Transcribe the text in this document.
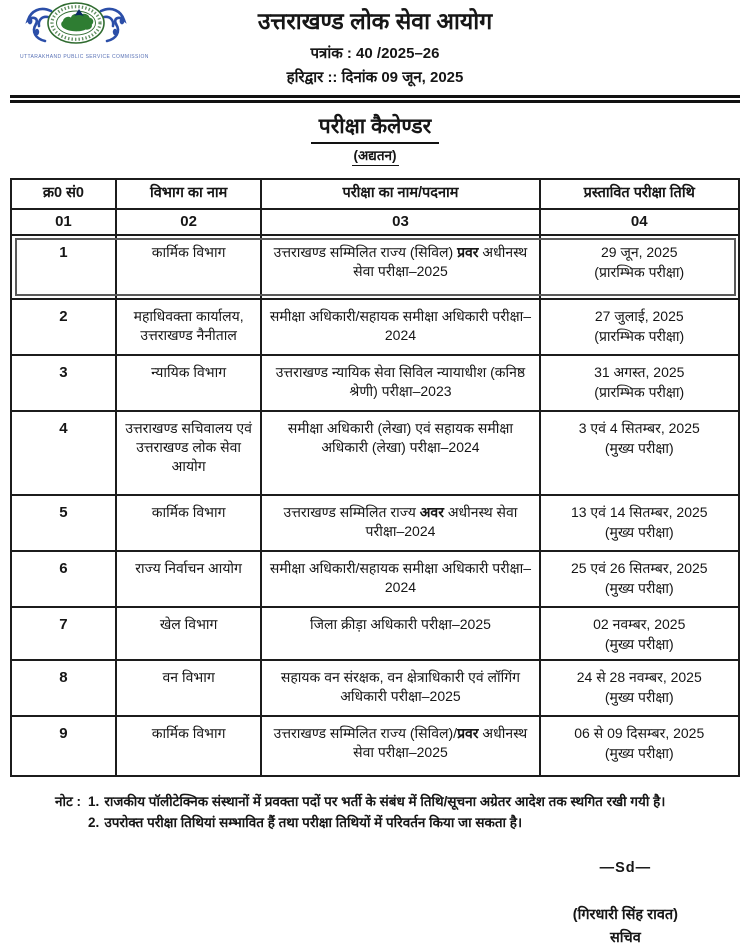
UTTARAKHAND PUBLIC SERVICE COMMISSION
उत्तराखण्ड लोक सेवा आयोग
पत्रांक : 40 /2025–26
हरिद्वार :: दिनांक 09 जून, 2025
परीक्षा कैलेण्डर
(अद्यतन)
क्र0 सं0	विभाग का नाम	परीक्षा का नाम/पदनाम	प्रस्तावित परीक्षा तिथि
01	02	03	04
1	कार्मिक विभाग	उत्तराखण्ड सम्मिलित राज्य (सिविल) प्रवर अधीनस्थ सेवा परीक्षा–2025	29 जून, 2025
(प्रारम्भिक परीक्षा)

2	महाधिवक्ता कार्यालय, उत्तराखण्ड नैनीताल	समीक्षा अधिकारी/सहायक समीक्षा अधिकारी परीक्षा–2024	27 जुलाई, 2025
(प्रारम्भिक परीक्षा)

3	न्यायिक विभाग	उत्तराखण्ड न्यायिक सेवा सिविल न्यायाधीश (कनिष्ठ श्रेणी) परीक्षा–2023	31 अगस्त, 2025
(प्रारम्भिक परीक्षा)

4	उत्तराखण्ड सचिवालय एवं उत्तराखण्ड लोक सेवा आयोग	समीक्षा अधिकारी (लेखा) एवं सहायक समीक्षा अधिकारी (लेखा) परीक्षा–2024	3 एवं 4 सितम्बर, 2025
(मुख्य परीक्षा)

5	कार्मिक विभाग	उत्तराखण्ड सम्मिलित राज्य अवर अधीनस्थ सेवा परीक्षा–2024	13 एवं 14 सितम्बर, 2025
(मुख्य परीक्षा)

6	राज्य निर्वाचन आयोग	समीक्षा अधिकारी/सहायक समीक्षा अधिकारी परीक्षा–2024	25 एवं 26 सितम्बर, 2025
(मुख्य परीक्षा)

7	खेल विभाग	जिला क्रीड़ा अधिकारी परीक्षा–2025	02 नवम्बर, 2025
(मुख्य परीक्षा)

8	वन विभाग	सहायक वन संरक्षक, वन क्षेत्राधिकारी एवं लॉगिंग अधिकारी परीक्षा–2025	24 से 28 नवम्बर, 2025
(मुख्य परीक्षा)

9	कार्मिक विभाग	उत्तराखण्ड सम्मिलित राज्य (सिविल)/प्रवर अधीनस्थ सेवा परीक्षा–2025	06 से 09 दिसम्बर, 2025
(मुख्य परीक्षा)
नोट : 1. राजकीय पॉलीटेक्निक संस्थानों में प्रवक्ता पदों पर भर्ती के संबंध में तिथि/सूचना अग्रेतर आदेश तक स्थगित रखी गयी है।
2. उपरोक्त परीक्षा तिथियां सम्भावित हैं तथा परीक्षा तिथियों में परिवर्तन किया जा सकता है।
—Sd—
(गिरधारी सिंह रावत)
सचिव
